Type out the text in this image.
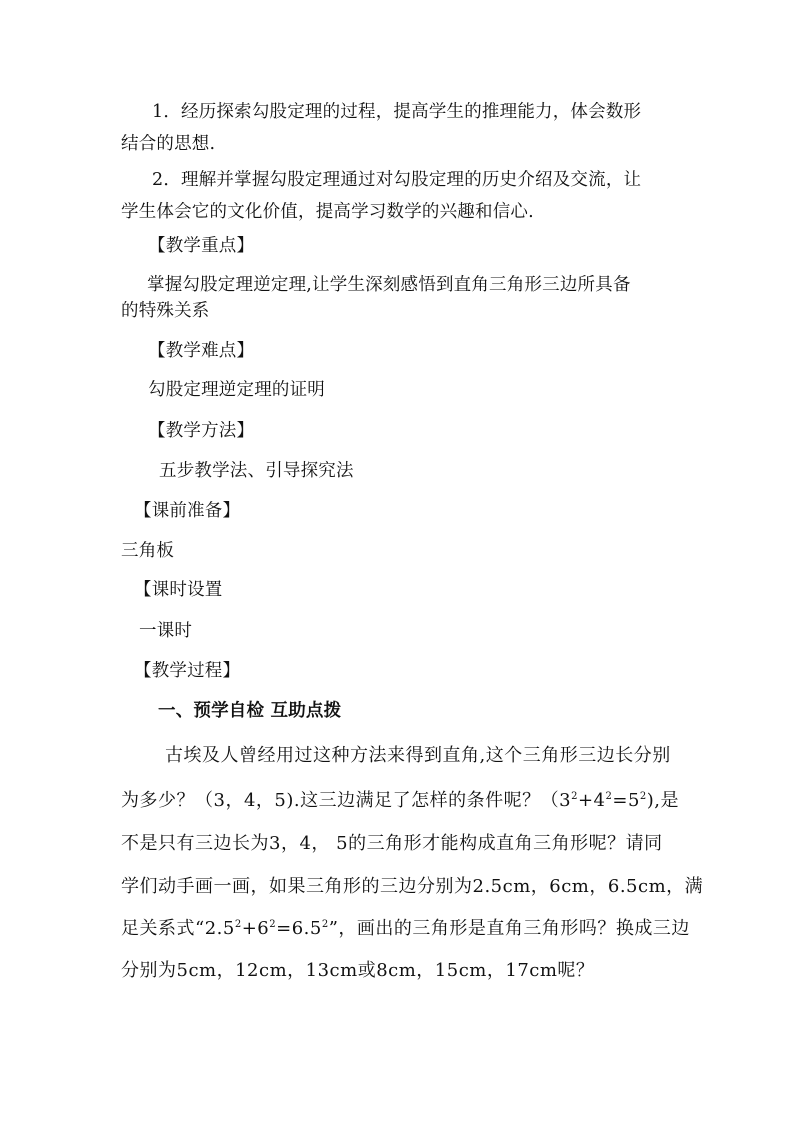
1．经历探索勾股定理的过程，提高学生的推理能力，体会数形
结合的思想.
2．理解并掌握勾股定理通过对勾股定理的历史介绍及交流，让
学生体会它的文化价值，提高学习数学的兴趣和信心.
【教学重点】
掌握勾股定理逆定理,让学生深刻感悟到直角三角形三边所具备
的特殊关系
【教学难点】
勾股定理逆定理的证明
【教学方法】
五步教学法、引导探究法
【课前准备】
三角板
【课时设置
一课时
【教学过程】
一、预学自检 互助点拨
古埃及人曾经用过这种方法来得到直角,这个三角形三边长分别
为多少？（3，4，5).这三边满足了怎样的条件呢？$(3^2+4^2=5^2)$,是
不是只有三边长为3，4， 5的三角形才能构成直角三角形呢？请同
学们动手画一画，如果三角形的三边分别为2.5cm，6cm，6.5cm，满
足关系式“$2.5^2+6^2=6.5^2$”，画出的三角形是直角三角形吗？换成三边
分别为5cm，12cm，13cm或8cm，15cm，17cm呢？
